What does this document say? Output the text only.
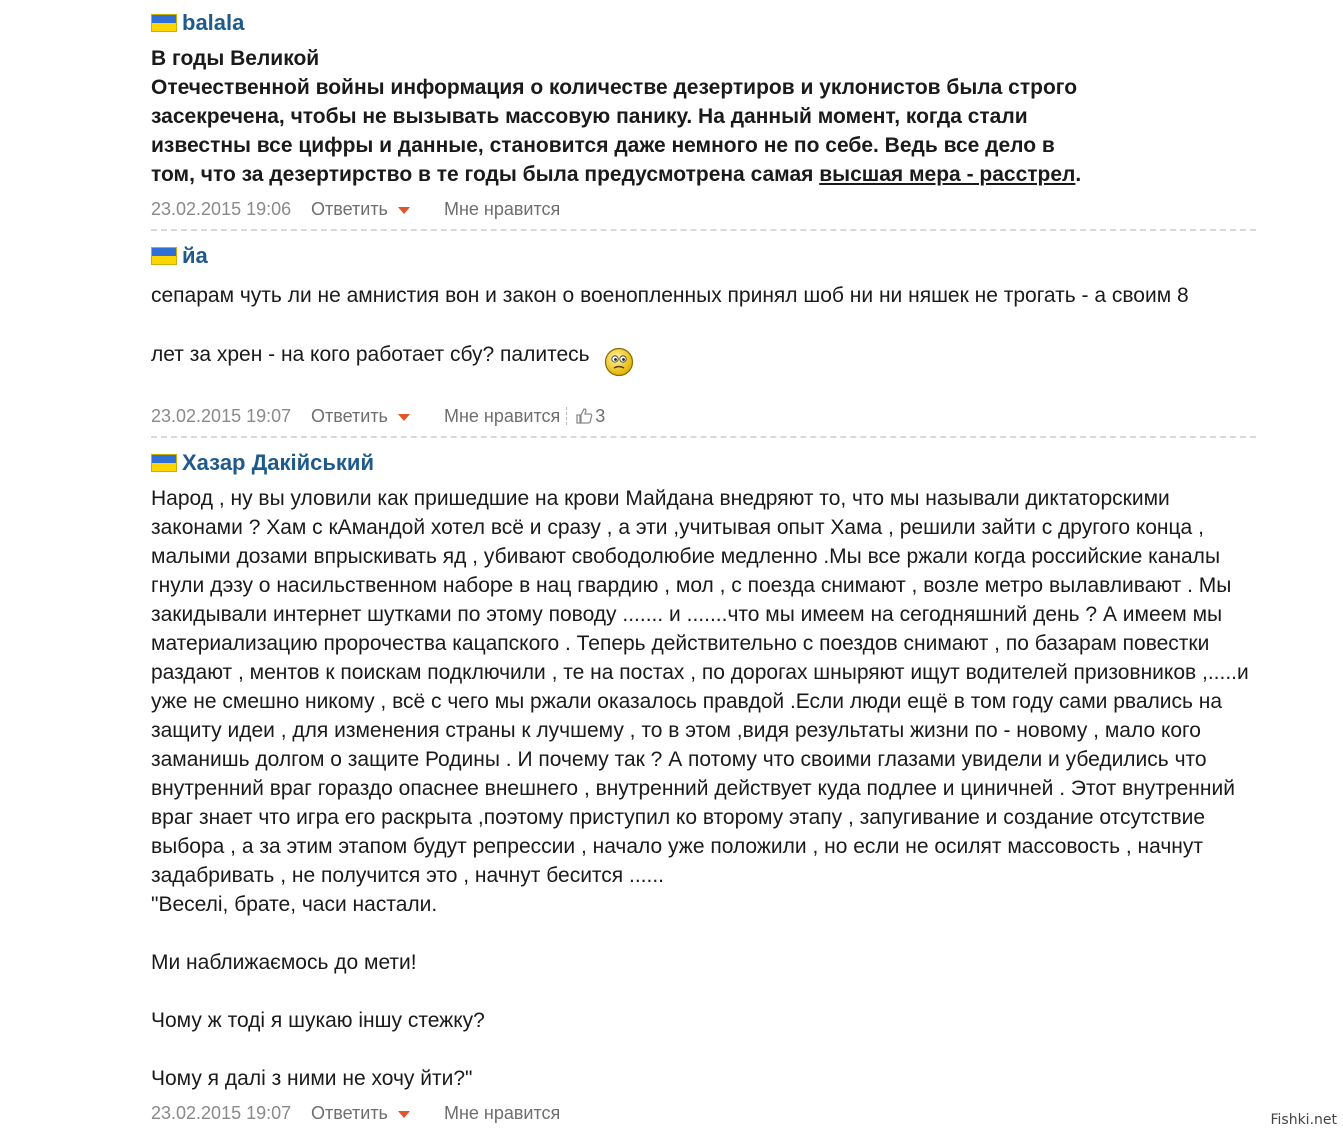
balala
В годы Великой
Отечественной войны информация о количестве дезертиров и уклонистов была строго засекречена, чтобы не вызывать массовую панику. На данный момент, когда стали известны все цифры и данные, становится даже немного не по себе. Ведь все дело в том, что за дезертирство в те годы была предусмотрена самая высшая мера - расстрел.
23.02.2015 19:06	Ответить	Мне нравится
йа
сепарам чуть ли не амнистия вон и закон о военопленных принял шоб ни ни няшек не трогать - а своим 8 лет за хрен - на кого работает сбу? палитесь

23.02.2015 19:07	Ответить	Мне нравится 3
Хазар Дакійський
Народ , ну вы уловили как пришедшие на крови Майдана внедряют то, что мы называли диктаторскими законами ? Хам с кАмандой хотел всё и сразу , а эти ,учитывая опыт Хама , решили зайти с другого конца , малыми дозами впрыскивать яд , убивают свободолюбие медленно .Мы все ржали когда российские каналы гнули дэзу о насильственном наборе в нац гвардию , мол , с поезда снимают , возле метро вылавливают . Мы закидывали интернет шутками по этому поводу ....... и .......что мы имеем на сегодняшний день ? А имеем мы материализацию пророчества кацапского . Теперь действительно с поездов снимают , по базарам повестки раздают , ментов к поискам подключили , те на постах , по дорогах шныряют ищут водителей призовников ,.....и уже не смешно никому , всё с чего мы ржали оказалось правдой .Если люди ещё в том году сами рвались на защиту идеи , для изменения страны к лучшему , то в этом ,видя результаты жизни по - новому , мало кого заманишь долгом о защите Родины . И почему так ? А потому что своими глазами увидели и убедились что внутренний враг гораздо опаснее внешнего , внутренний действует куда подлее и циничней . Этот внутренний враг знает что игра его раскрыта ,поэтому приступил ко второму этапу , запугивание и создание отсутствие выбора , а за этим этапом будут репрессии , начало уже положили , но если не осилят массовость , начнут задабривать , не получится это , начнут бесится ......
"Веселі, брате, часи настали.

Ми наближаємось до мети!

Чому ж тоді я шукаю іншу стежку?

Чому я далі з ними не хочу йти?"
23.02.2015 19:07	Ответить	Мне нравится	Fishki.net
